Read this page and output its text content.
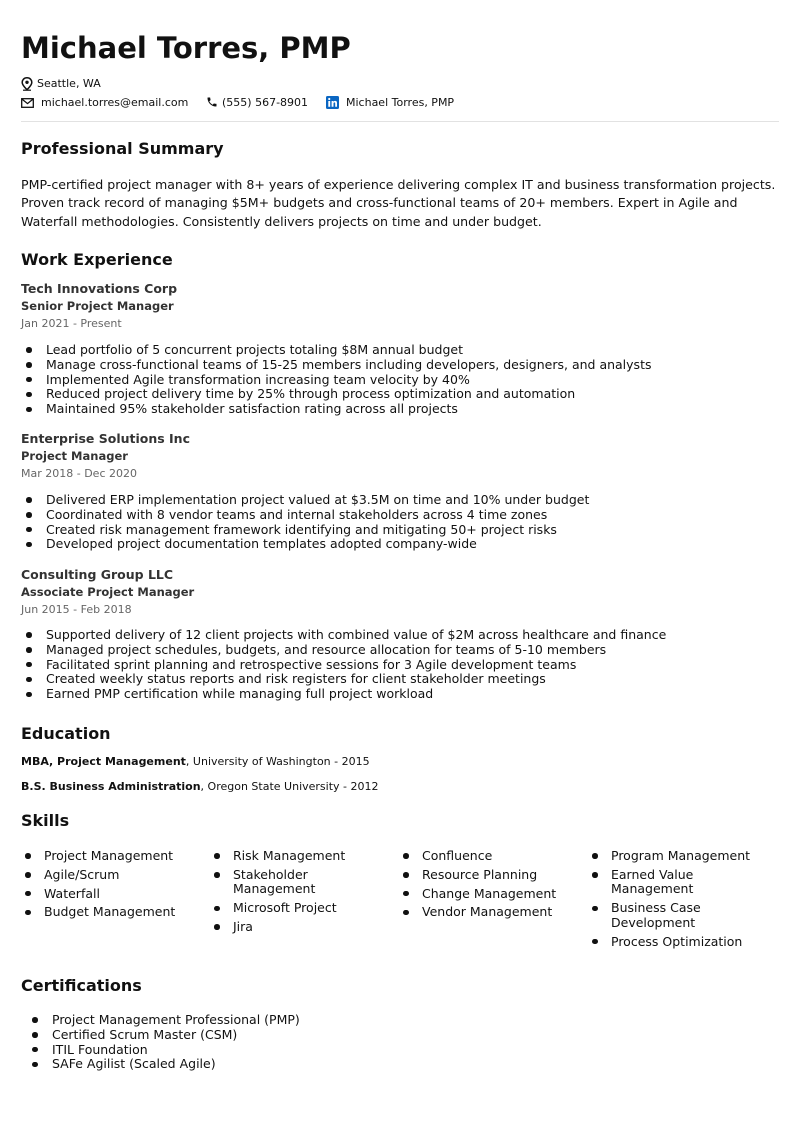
Michael Torres, PMP
Seattle, WA
michael.torres@email.com	(555) 567-8901	Michael Torres, PMP
Professional Summary

PMP-certified project manager with 8+ years of experience delivering complex IT and business transformation projects. Proven track record of managing $5M+ budgets and cross-functional teams of 20+ members. Expert in Agile and Waterfall methodologies. Consistently delivers projects on time and under budget.

Work Experience
Tech Innovations Corp
Senior Project Manager
Jan 2021 - Present
Lead portfolio of 5 concurrent projects totaling $8M annual budget
Manage cross-functional teams of 15-25 members including developers, designers, and analysts
Implemented Agile transformation increasing team velocity by 40%
Reduced project delivery time by 25% through process optimization and automation
Maintained 95% stakeholder satisfaction rating across all projects
Enterprise Solutions Inc
Project Manager
Mar 2018 - Dec 2020
Delivered ERP implementation project valued at $3.5M on time and 10% under budget
Coordinated with 8 vendor teams and internal stakeholders across 4 time zones
Created risk management framework identifying and mitigating 50+ project risks
Developed project documentation templates adopted company-wide
Consulting Group LLC
Associate Project Manager
Jun 2015 - Feb 2018
Supported delivery of 12 client projects with combined value of $2M across healthcare and finance
Managed project schedules, budgets, and resource allocation for teams of 5-10 members
Facilitated sprint planning and retrospective sessions for 3 Agile development teams
Created weekly status reports and risk registers for client stakeholder meetings
Earned PMP certification while managing full project workload
Education
MBA, Project Management, University of Washington - 2015
B.S. Business Administration, Oregon State University - 2012
Skills
Project Management
Agile/Scrum
Waterfall
Budget Management
Risk Management
Stakeholder Management
Microsoft Project
Jira
Confluence
Resource Planning
Change Management
Vendor Management
Program Management
Earned Value Management
Business Case Development
Process Optimization
Certifications
Project Management Professional (PMP)
Certified Scrum Master (CSM)
ITIL Foundation
SAFe Agilist (Scaled Agile)
